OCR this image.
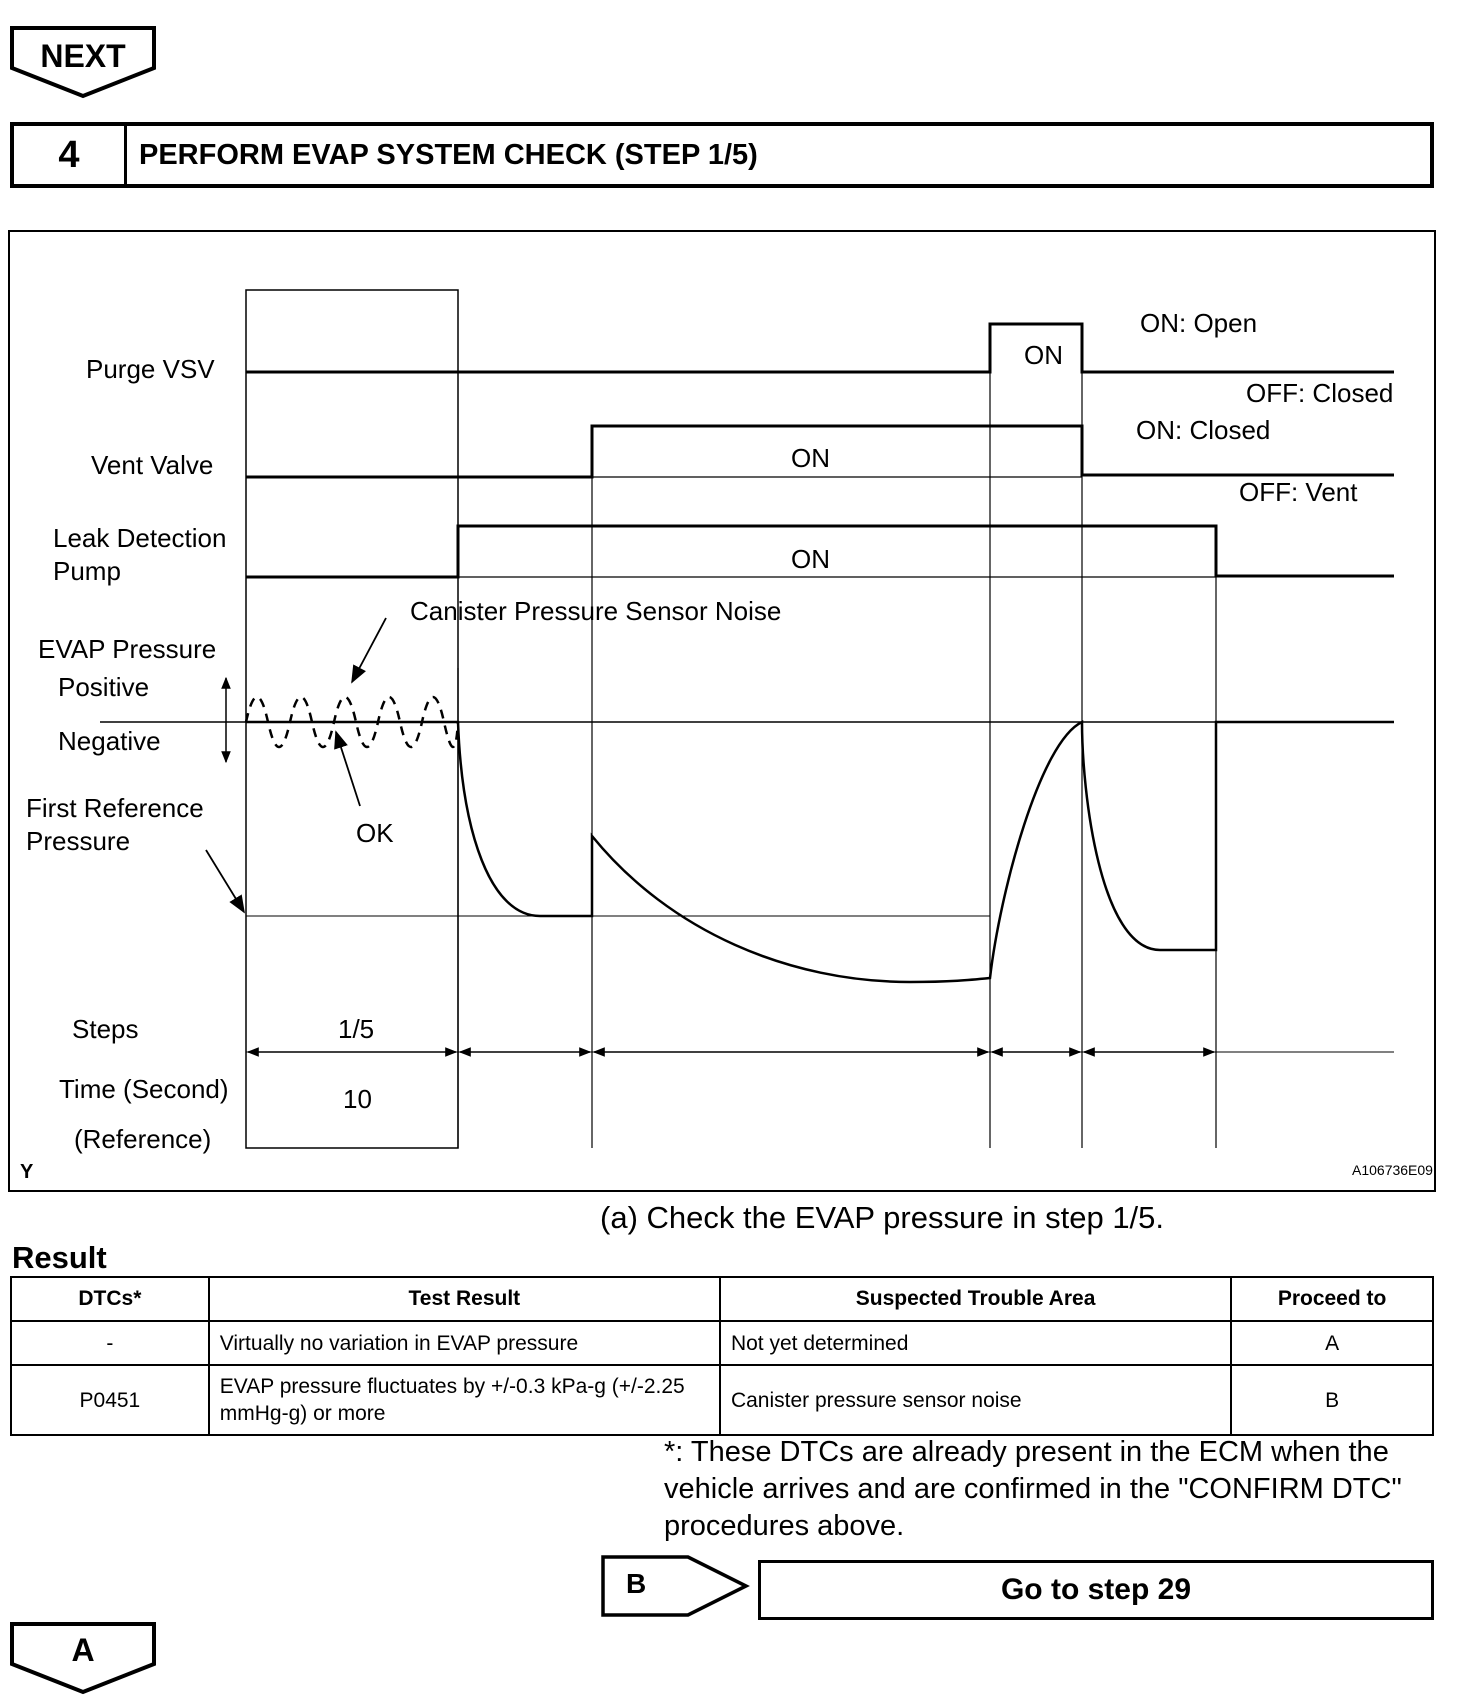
NEXT
4	PERFORM EVAP SYSTEM CHECK (STEP 1/5)
Purge VSV
Vent Valve
Leak Detection
Pump
EVAP Pressure
Positive
Negative
First Reference
Pressure
Steps
Time (Second)
(Reference)
ON
ON
ON
ON: Open
OFF: Closed
ON: Closed
OFF: Vent
Canister Pressure Sensor Noise
OK
1/5
10
Y	A106736E09
(a) Check the EVAP pressure in step 1/5.
Result
DTCs*	Test Result	Suspected Trouble Area	Proceed to
-	Virtually no variation in EVAP pressure	Not yet determined	A
P0451	EVAP pressure fluctuates by +/-0.3 kPa-g (+/-2.25 mmHg-g) or more	Canister pressure sensor noise	B
*: These DTCs are already present in the ECM when the vehicle arrives and are confirmed in the "CONFIRM DTC" procedures above.
B	Go to step 29
A
